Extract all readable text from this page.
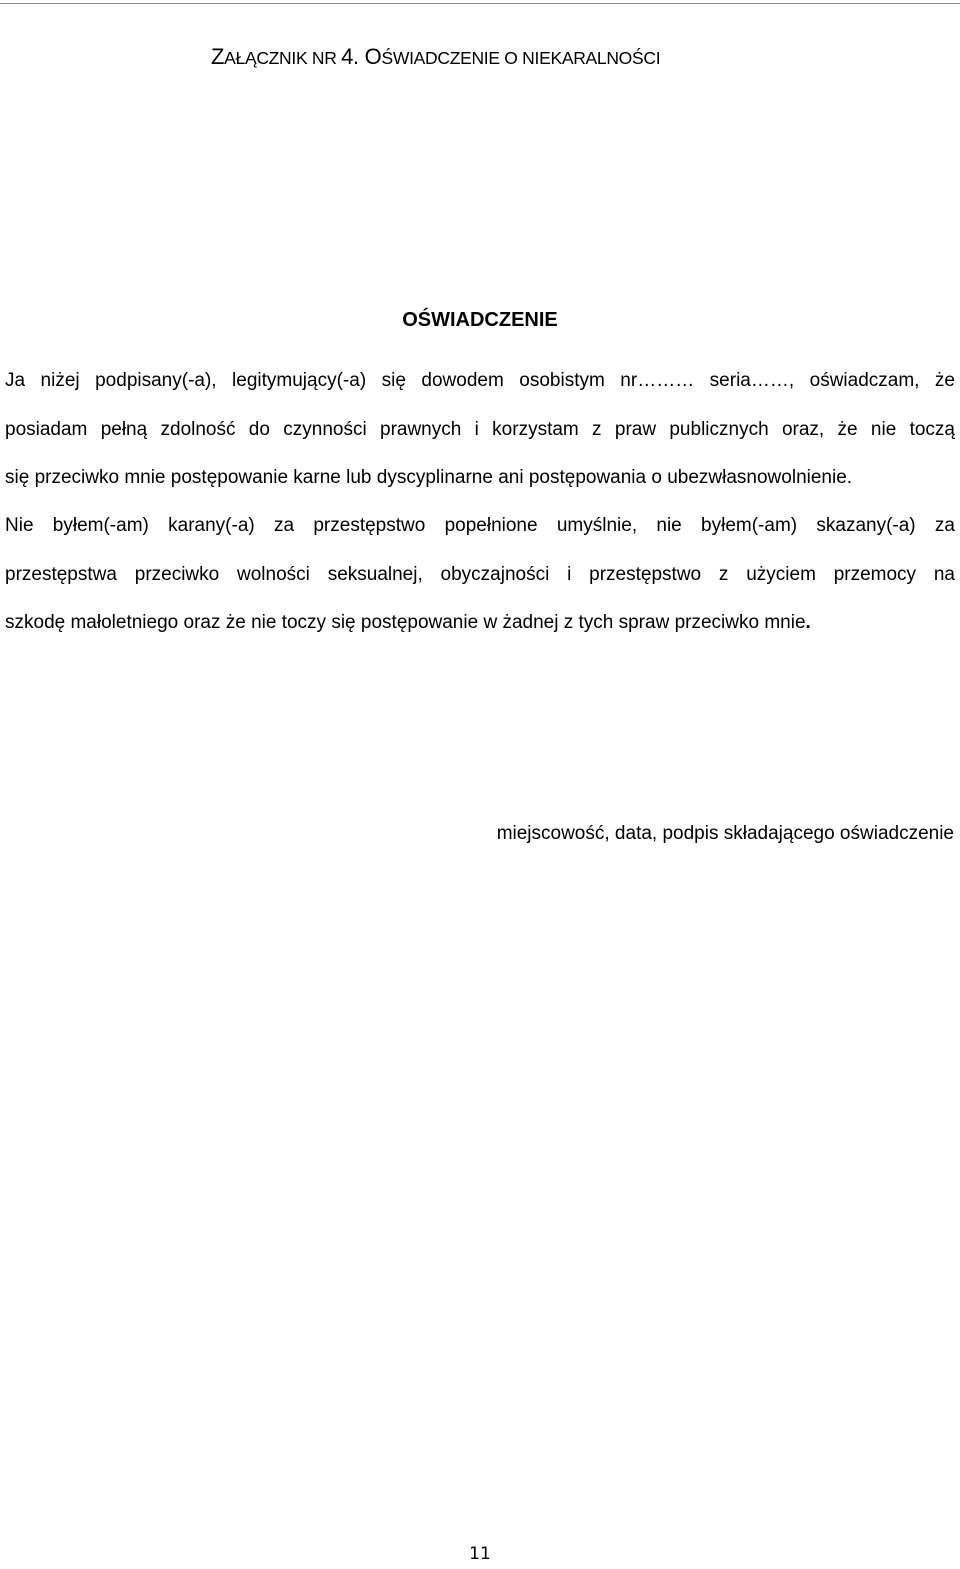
ZAŁĄCZNIK NR 4. OŚWIADCZENIE O NIEKARALNOŚCI
OŚWIADCZENIE
Ja niżej podpisany(-a), legitymujący(-a) się dowodem osobistym nr……… seria……, oświadczam, że
posiadam pełną zdolność do czynności prawnych i korzystam z praw publicznych oraz, że nie toczą
się przeciwko mnie postępowanie karne lub dyscyplinarne ani postępowania o ubezwłasnowolnienie.
Nie byłem(-am) karany(-a) za przestępstwo popełnione umyślnie, nie byłem(-am) skazany(-a) za
przestępstwa przeciwko wolności seksualnej, obyczajności i przestępstwo z użyciem przemocy na
szkodę małoletniego oraz że nie toczy się postępowanie w żadnej z tych spraw przeciwko mnie.
miejscowość, data, podpis składającego oświadczenie
11
